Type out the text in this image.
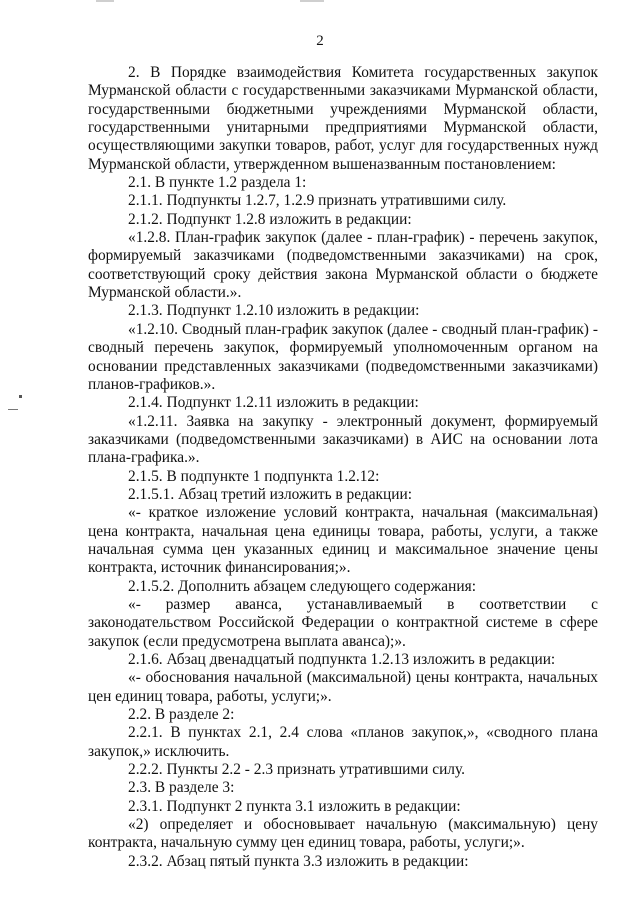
2

2. В Порядке взаимодействия Комитета государственных закупок Мурманской области с государственными заказчиками Мурманской области, государственными бюджетными учреждениями Мурманской области, государственными унитарными предприятиями Мурманской области, осуществляющими закупки товаров, работ, услуг для государственных нужд Мурманской области, утвержденном вышеназванным постановлением:

2.1. В пункте 1.2 раздела 1:

2.1.1. Подпункты 1.2.7, 1.2.9 признать утратившими силу.

2.1.2. Подпункт 1.2.8 изложить в редакции:

«1.2.8. План-график закупок (далее - план-график) - перечень закупок, формируемый заказчиками (подведомственными заказчиками) на срок, соответствующий сроку действия закона Мурманской области о бюджете Мурманской области.».

2.1.3. Подпункт 1.2.10 изложить в редакции:

«1.2.10. Сводный план-график закупок (далее - сводный план-график) - сводный перечень закупок, формируемый уполномоченным органом на основании представленных заказчиками (подведомственными заказчиками) планов-графиков.».

2.1.4. Подпункт 1.2.11 изложить в редакции:

«1.2.11. Заявка на закупку - электронный документ, формируемый заказчиками (подведомственными заказчиками) в АИС на основании лота плана-графика.».

2.1.5. В подпункте 1 подпункта 1.2.12:

2.1.5.1. Абзац третий изложить в редакции:

«- краткое изложение условий контракта, начальная (максимальная) цена контракта, начальная цена единицы товара, работы, услуги, а также начальная сумма цен указанных единиц и максимальное значение цены контракта, источник финансирования;».

2.1.5.2. Дополнить абзацем следующего содержания:

«- размер аванса, устанавливаемый в соответствии с законодательством Российской Федерации о контрактной системе в сфере закупок (если предусмотрена выплата аванса);».

2.1.6. Абзац двенадцатый подпункта 1.2.13 изложить в редакции:

«- обоснования начальной (максимальной) цены контракта, начальных цен единиц товара, работы, услуги;».

2.2. В разделе 2:

2.2.1. В пунктах 2.1, 2.4 слова «планов закупок,», «сводного плана закупок,» исключить.

2.2.2. Пункты 2.2 - 2.3 признать утратившими силу.

2.3. В разделе 3:

2.3.1. Подпункт 2 пункта 3.1 изложить в редакции:

«2) определяет и обосновывает начальную (максимальную) цену контракта, начальную сумму цен единиц товара, работы, услуги;».

2.3.2. Абзац пятый пункта 3.3 изложить в редакции:
